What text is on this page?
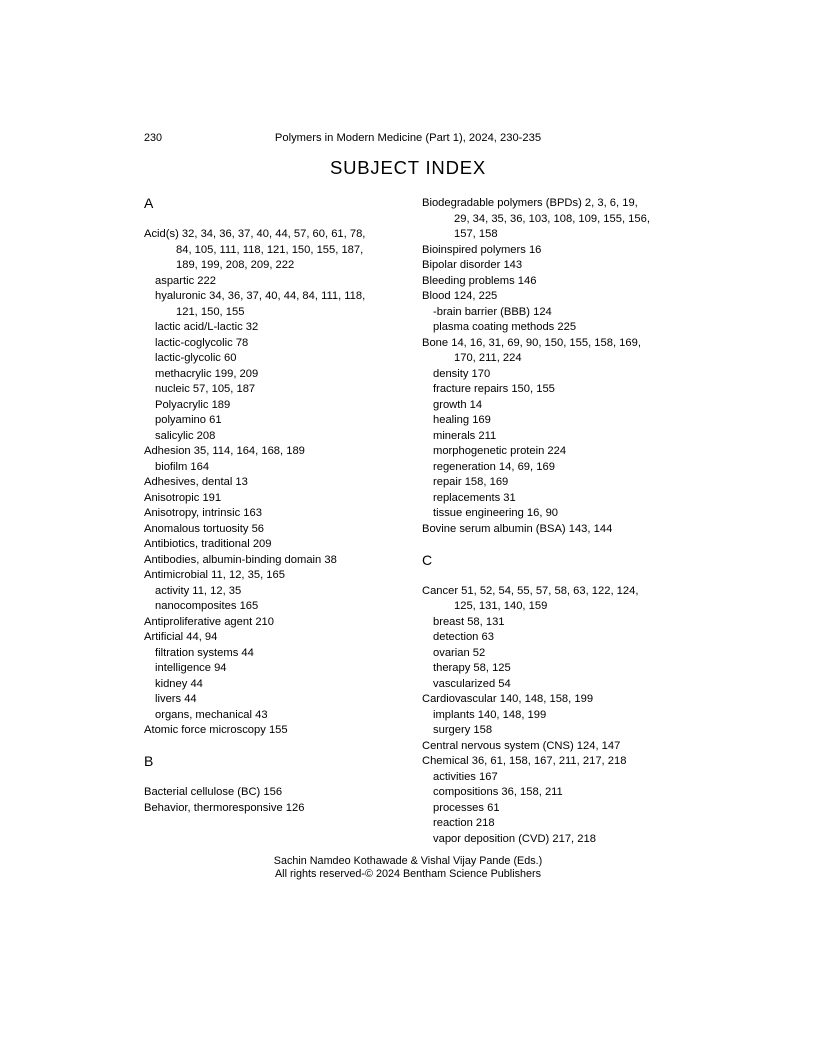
230	Polymers in Modern Medicine (Part 1), 2024, 230-235
SUBJECT INDEX
A
Acid(s) 32, 34, 36, 37, 40, 44, 57, 60, 61, 78,
84, 105, 111, 118, 121, 150, 155, 187,
189, 199, 208, 209, 222
aspartic 222
hyaluronic 34, 36, 37, 40, 44, 84, 111, 118,
121, 150, 155
lactic acid/L-lactic 32
lactic-coglycolic 78
lactic-glycolic 60
methacrylic 199, 209
nucleic 57, 105, 187
Polyacrylic 189
polyamino 61
salicylic 208
Adhesion 35, 114, 164, 168, 189
biofilm 164
Adhesives, dental 13
Anisotropic 191
Anisotropy, intrinsic 163
Anomalous tortuosity 56
Antibiotics, traditional 209
Antibodies, albumin-binding domain 38
Antimicrobial 11, 12, 35, 165
activity 11, 12, 35
nanocomposites 165
Antiproliferative agent 210
Artificial 44, 94
filtration systems 44
intelligence 94
kidney 44
livers 44
organs, mechanical 43
Atomic force microscopy 155
B
Bacterial cellulose (BC) 156
Behavior, thermoresponsive 126
Biodegradable polymers (BPDs) 2, 3, 6, 19,
29, 34, 35, 36, 103, 108, 109, 155, 156,
157, 158
Bioinspired polymers 16
Bipolar disorder 143
Bleeding problems 146
Blood 124, 225
-brain barrier (BBB) 124
plasma coating methods 225
Bone 14, 16, 31, 69, 90, 150, 155, 158, 169,
170, 211, 224
density 170
fracture repairs 150, 155
growth 14
healing 169
minerals 211
morphogenetic protein 224
regeneration 14, 69, 169
repair 158, 169
replacements 31
tissue engineering 16, 90
Bovine serum albumin (BSA) 143, 144
C
Cancer 51, 52, 54, 55, 57, 58, 63, 122, 124,
125, 131, 140, 159
breast 58, 131
detection 63
ovarian 52
therapy 58, 125
vascularized 54
Cardiovascular 140, 148, 158, 199
implants 140, 148, 199
surgery 158
Central nervous system (CNS) 124, 147
Chemical 36, 61, 158, 167, 211, 217, 218
activities 167
compositions 36, 158, 211
processes 61
reaction 218
vapor deposition (CVD) 217, 218
Sachin Namdeo Kothawade & Vishal Vijay Pande (Eds.)
All rights reserved-© 2024 Bentham Science Publishers
